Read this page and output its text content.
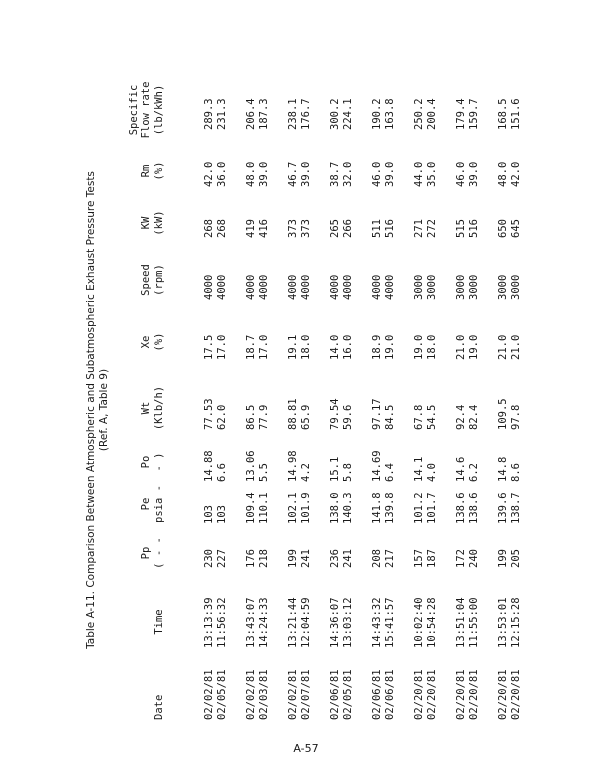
Table A-11. Comparison Between Atmospheric and Subatmospheric Exhaust Pressure Tests (Ref. A, Table 9)
Date
Time
Pp
( - -
Pe
psia -
Po
- )
Wt
(Klb/h)
Xe
(%)
Speed
(rpm)
KW
(kW)
Rm
(%)
Specific
Flow rate
(lb/kWh)
02/02/81
13:13:39
230
103
14.88
77.53
17.5
4000
268
42.0
289.3
02/05/81
11:56:32
227
103
6.6
62.0
17.0
4000
268
36.0
231.3
02/02/81
13:43:07
176
109.4
13.06
86.5
18.7
4000
419
48.0
206.4
02/03/81
14:24:33
218
110.1
5.5
77.9
17.0
4000
416
39.0
187.3
02/02/81
13:21:44
199
102.1
14.98
88.81
19.1
4000
373
46.7
238.1
02/07/81
12:04:59
241
101.9
4.2
65.9
18.0
4000
373
39.0
176.7
02/06/81
14:36:07
236
138.0
15.1
79.54
14.0
4000
265
38.7
300.2
02/05/81
13:03:12
241
140.3
5.8
59.6
16.0
4000
266
32.0
224.1
02/06/81
14:43:32
208
141.8
14.69
97.17
18.9
4000
511
46.0
190.2
02/06/81
15:41:57
217
139.8
6.4
84.5
19.0
4000
516
39.0
163.8
02/20/81
10:02:40
157
101.2
14.1
67.8
19.0
3000
271
44.0
250.2
02/20/81
10:54:28
187
101.7
4.0
54.5
18.0
3000
272
35.0
200.4
02/20/81
13:51:04
172
138.6
14.6
92.4
21.0
3000
515
46.0
179.4
02/20/81
11:55:00
240
138.6
6.2
82.4
19.0
3000
516
39.0
159.7
02/20/81
13:53:01
199
139.6
14.8
109.5
21.0
3000
650
48.0
168.5
02/20/81
12:15:28
205
138.7
8.6
97.8
21.0
3000
645
42.0
151.6
A-57
